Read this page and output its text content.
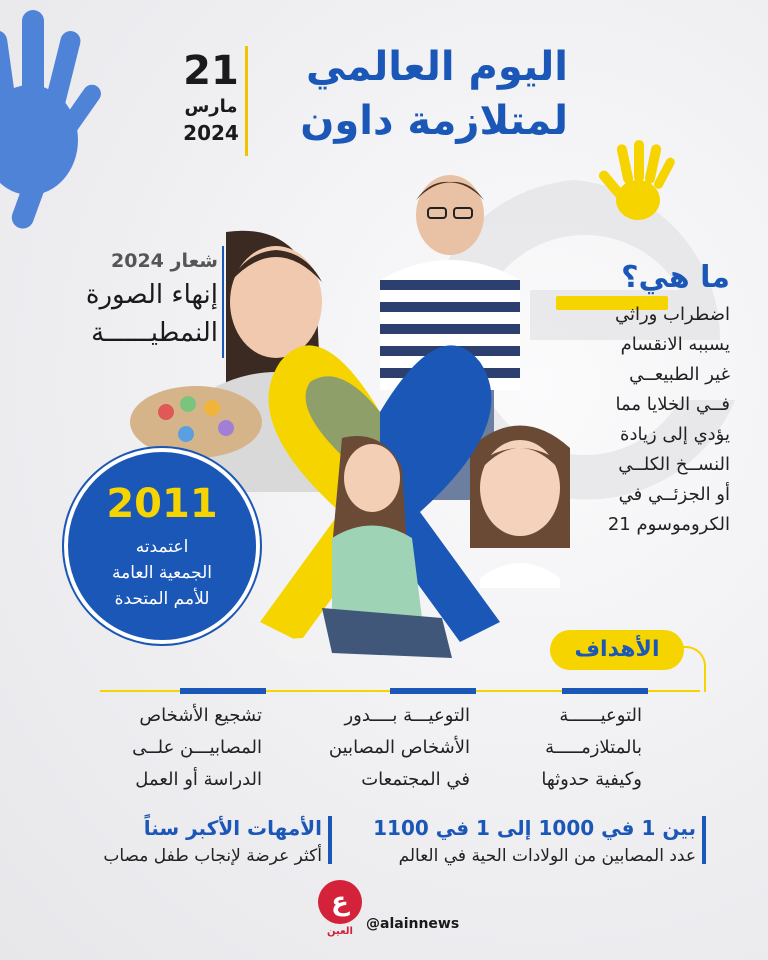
اليوم العالمي
لمتلازمة داون
21
مارس
2024
شعار 2024
إنهاء الصورة
النمطيــــــة
ما هي؟
اضطراب وراثي
يسببه الانقسام
غير الطبيعــي
فــي الخلايا مما
يؤدي إلى زيادة
النســخ الكلــي
أو الجزئــي في
الكروموسوم 21
2011
اعتمدته
الجمعية العامة
للأمم المتحدة
الأهداف
التوعيــــــة
بالمتلازمـــــة
وكيفية حدوثها
التوعيـــة بــــدور
الأشخاص المصابين
في المجتمعات
تشجيع الأشخاص
المصابيـــن علــى
الدراسة أو العمل
بين 1 في 1000 إلى 1 في 1100
عدد المصابين من الولادات الحية في العالم
الأمهات الأكبر سناً
أكثر عرضة لإنجاب طفل مصاب
ع
العين @alainnews
